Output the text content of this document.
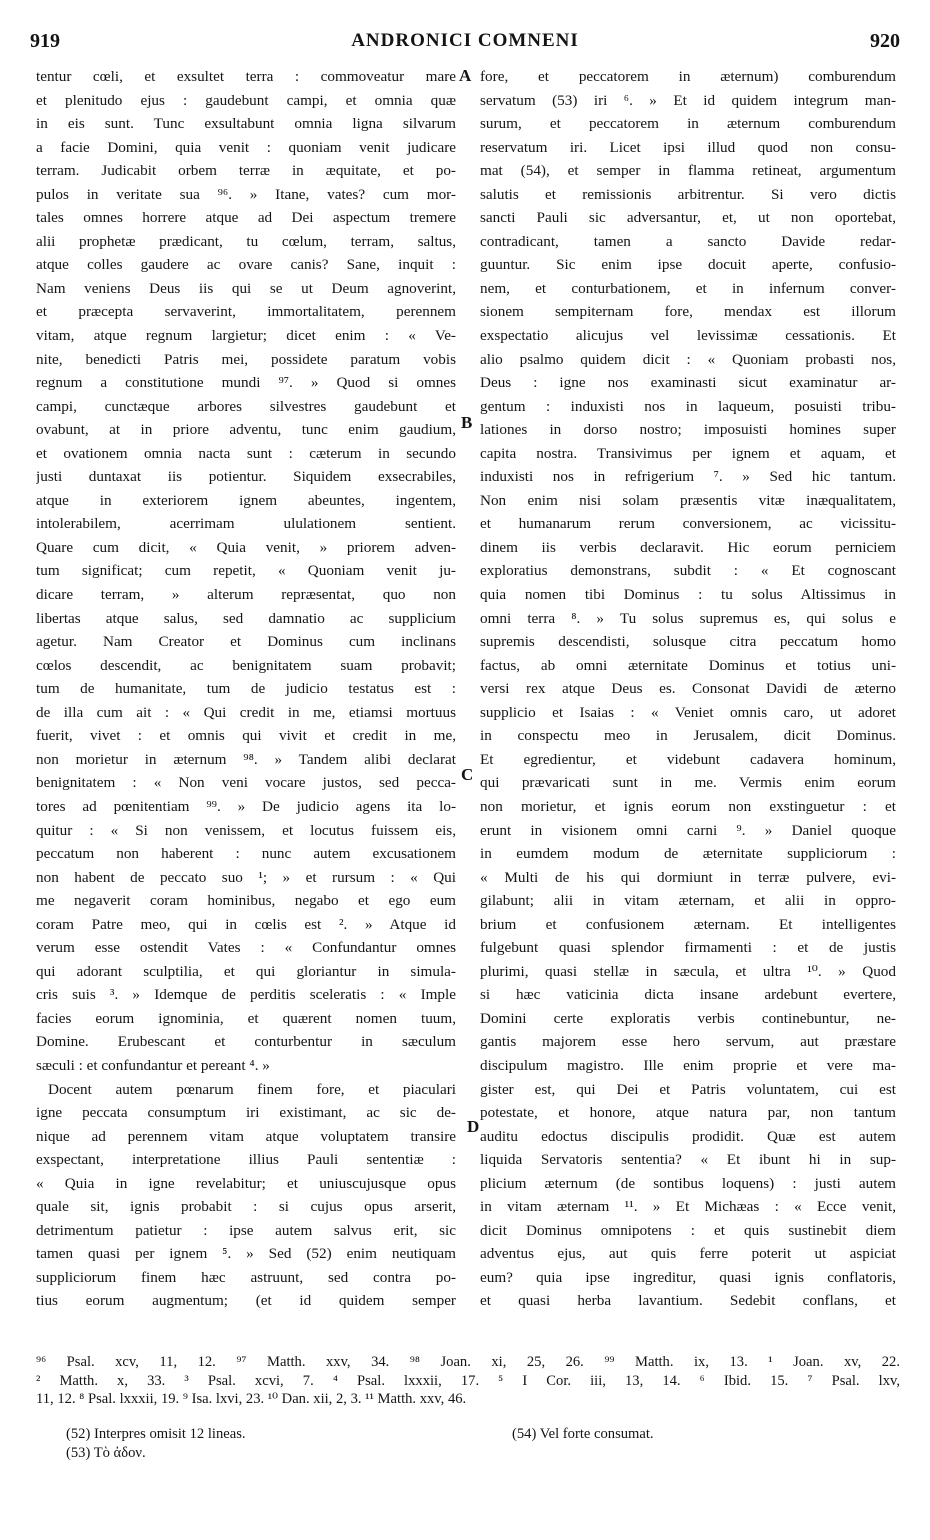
919	ANDRONICI COMNENI	920
A
B
C
D
tentur cœli, et exsultet terra : commoveatur mare
et plenitudo ejus : gaudebunt campi, et omnia quæ
in eis sunt. Tunc exsultabunt omnia ligna silvarum
a facie Domini, quia venit : quoniam venit judicare
terram. Judicabit orbem terræ in æquitate, et po-
pulos in veritate sua ⁹⁶. » Itane, vates? cum mor-
tales omnes horrere atque ad Dei aspectum tremere
alii prophetæ prædicant, tu cœlum, terram, saltus,
atque colles gaudere ac ovare canis? Sane, inquit :
Nam veniens Deus iis qui se ut Deum agnoverint,
et præcepta servaverint, immortalitatem, perennem
vitam, atque regnum largietur; dicet enim : « Ve-
nite, benedicti Patris mei, possidete paratum vobis
regnum a constitutione mundi ⁹⁷. » Quod si omnes
campi, cunctæque arbores silvestres gaudebunt et
ovabunt, at in priore adventu, tunc enim gaudium,
et ovationem omnia nacta sunt : cæterum in secundo
justi duntaxat iis potientur. Siquidem exsecrabiles,
atque in exteriorem ignem abeuntes, ingentem,
intolerabilem, acerrimam ululationem sentient.
Quare cum dicit, « Quia venit, » priorem adven-
tum significat; cum repetit, « Quoniam venit ju-
dicare terram, » alterum repræsentat, quo non
libertas atque salus, sed damnatio ac supplicium
agetur. Nam Creator et Dominus cum inclinans
cœlos descendit, ac benignitatem suam probavit;
tum de humanitate, tum de judicio testatus est :
de illa cum ait : « Qui credit in me, etiamsi mortuus
fuerit, vivet : et omnis qui vivit et credit in me,
non morietur in æternum ⁹⁸. » Tandem alibi declarat
benignitatem : « Non veni vocare justos, sed pecca-
tores ad pœnitentiam ⁹⁹. » De judicio agens ita lo-
quitur : « Si non venissem, et locutus fuissem eis,
peccatum non haberent : nunc autem excusationem
non habent de peccato suo ¹; » et rursum : « Qui
me negaverit coram hominibus, negabo et ego eum
coram Patre meo, qui in cœlis est ². » Atque id
verum esse ostendit Vates : « Confundantur omnes
qui adorant sculptilia, et qui gloriantur in simula-
cris suis ³. » Idemque de perditis sceleratis : « Imple
facies eorum ignominia, et quærent nomen tuum,
Domine. Erubescant et conturbentur in sæculum
sæculi : et confundantur et pereant ⁴. »
Docent autem pœnarum finem fore, et piaculari
igne peccata consumptum iri existimant, ac sic de-
nique ad perennem vitam atque voluptatem transire
exspectant, interpretatione illius Pauli sententiæ :
« Quia in igne revelabitur; et uniuscujusque opus
quale sit, ignis probabit : si cujus opus arserit,
detrimentum patietur : ipse autem salvus erit, sic
tamen quasi per ignem ⁵. » Sed (52) enim neutiquam
suppliciorum finem hæc astruunt, sed contra po-
tius eorum augmentum; (et id quidem semper
fore, et peccatorem in æternum) comburendum
servatum (53) iri ⁶. » Et id quidem integrum man-
surum, et peccatorem in æternum comburendum
reservatum iri. Licet ipsi illud quod non consu-
mat (54), et semper in flamma retineat, argumentum
salutis et remissionis arbitrentur. Si vero dictis
sancti Pauli sic adversantur, et, ut non oportebat,
contradicant, tamen a sancto Davide redar-
guuntur. Sic enim ipse docuit aperte, confusio-
nem, et conturbationem, et in infernum conver-
sionem sempiternam fore, mendax est illorum
exspectatio alicujus vel levissimæ cessationis. Et
alio psalmo quidem dicit : « Quoniam probasti nos,
Deus : igne nos examinasti sicut examinatur ar-
gentum : induxisti nos in laqueum, posuisti tribu-
lationes in dorso nostro; imposuisti homines super
capita nostra. Transivimus per ignem et aquam, et
induxisti nos in refrigerium ⁷. » Sed hic tantum.
Non enim nisi solam præsentis vitæ inæqualitatem,
et humanarum rerum conversionem, ac vicissitu-
dinem iis verbis declaravit. Hic eorum perniciem
exploratius demonstrans, subdit : « Et cognoscant
quia nomen tibi Dominus : tu solus Altissimus in
omni terra ⁸. » Tu solus supremus es, qui solus e
supremis descendisti, solusque citra peccatum homo
factus, ab omni æternitate Dominus et totius uni-
versi rex atque Deus es. Consonat Davidi de æterno
supplicio et Isaias : « Veniet omnis caro, ut adoret
in conspectu meo in Jerusalem, dicit Dominus.
Et egredientur, et videbunt cadavera hominum,
qui prævaricati sunt in me. Vermis enim eorum
non morietur, et ignis eorum non exstinguetur : et
erunt in visionem omni carni ⁹. » Daniel quoque
in eumdem modum de æternitate suppliciorum :
« Multi de his qui dormiunt in terræ pulvere, evi-
gilabunt; alii in vitam æternam, et alii in oppro-
brium et confusionem æternam. Et intelligentes
fulgebunt quasi splendor firmamenti : et de justis
plurimi, quasi stellæ in sæcula, et ultra ¹⁰. » Quod
si hæc vaticinia dicta insane ardebunt evertere,
Domini certe exploratis verbis continebuntur, ne-
gantis majorem esse hero servum, aut præstare
discipulum magistro. Ille enim proprie et vere ma-
gister est, qui Dei et Patris voluntatem, cui est
potestate, et honore, atque natura par, non tantum
auditu edoctus discipulis prodidit. Quæ est autem
liquida Servatoris sententia? « Et ibunt hi in sup-
plicium æternum (de sontibus loquens) : justi autem
in vitam æternam ¹¹. » Et Michæas : « Ecce venit,
dicit Dominus omnipotens : et quis sustinebit diem
adventus ejus, aut quis ferre poterit ut aspiciat
eum? quia ipse ingreditur, quasi ignis conflatoris,
et quasi herba lavantium. Sedebit conflans, et
⁹⁶ Psal. xcv, 11, 12. ⁹⁷ Matth. xxv, 34. ⁹⁸ Joan. xi, 25, 26. ⁹⁹ Matth. ix, 13. ¹ Joan. xv, 22.
² Matth. x, 33. ³ Psal. xcvi, 7. ⁴ Psal. lxxxii, 17. ⁵ I Cor. iii, 13, 14. ⁶ Ibid. 15. ⁷ Psal. lxv,
11, 12. ⁸ Psal. lxxxii, 19. ⁹ Isa. lxvi, 23. ¹⁰ Dan. xii, 2, 3. ¹¹ Matth. xxv, 46.
(52) Interpres omisit 12 lineas.
(53) Τὸ ἀδον.
(54) Vel forte consumat.
